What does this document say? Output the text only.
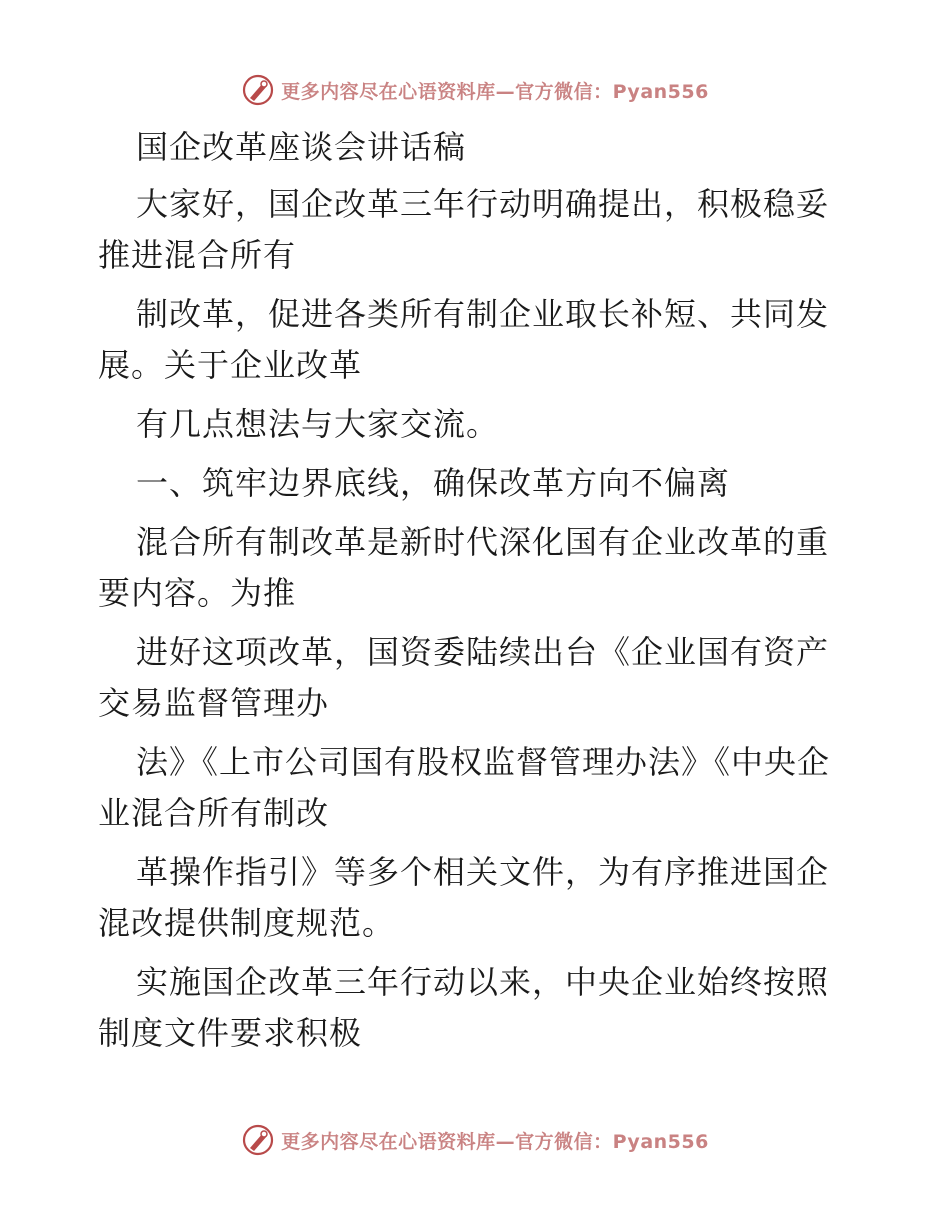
更多内容尽在心语资料库—官方微信：Pyan556

国企改革座谈会讲话稿

大家好，国企改革三年行动明确提出，积极稳妥推进混合所有

制改革，促进各类所有制企业取长补短、共同发展。关于企业改革

有几点想法与大家交流。

一、筑牢边界底线，确保改革方向不偏离

混合所有制改革是新时代深化国有企业改革的重要内容。为推

进好这项改革，国资委陆续出台《企业国有资产交易监督管理办

法》《上市公司国有股权监督管理办法》《中央企业混合所有制改

革操作指引》等多个相关文件，为有序推进国企混改提供制度规范。

实施国企改革三年行动以来，中央企业始终按照制度文件要求积极

更多内容尽在心语资料库—官方微信：Pyan556
